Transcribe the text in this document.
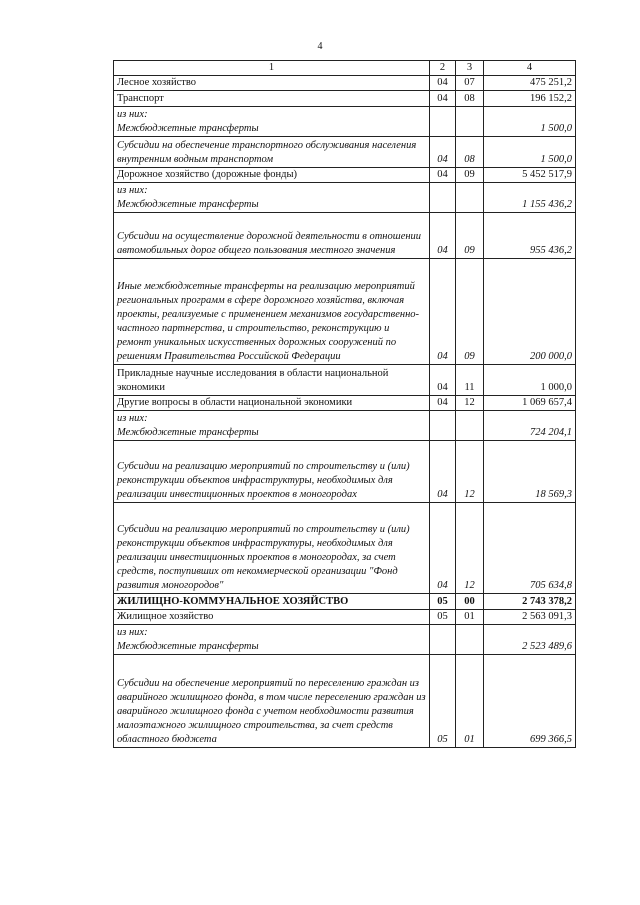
4
1	2	3	4
Лесное хозяйство	04	07	475 251,2
Транспорт	04	08	196 152,2
из них:
Межбюджетные трансферты			1 500,0
Субсидии на обеспечение транспортного обслуживания населения внутренним водным транспортом	04	08	1 500,0
Дорожное хозяйство (дорожные фонды)	04	09	5 452 517,9
из них:
Межбюджетные трансферты			1 155 436,2
Субсидии на осуществление дорожной деятельности в отношении автомобильных дорог общего пользования местного значения	04	09	955 436,2
Иные межбюджетные трансферты на реализацию мероприятий региональных программ в сфере дорожного хозяйства, включая проекты, реализуемые с применением механизмов государственно-частного партнерства, и строительство, реконструкцию и ремонт уникальных искусственных дорожных сооружений по решениям Правительства Российской Федерации	04	09	200 000,0
Прикладные научные исследования в области национальной экономики	04	11	1 000,0
Другие вопросы в области национальной экономики	04	12	1 069 657,4
из них:
Межбюджетные трансферты			724 204,1
Субсидии на реализацию мероприятий по строительству и (или) реконструкции объектов инфраструктуры, необходимых для реализации инвестиционных проектов в моногородах	04	12	18 569,3
Субсидии на реализацию мероприятий по строительству и (или) реконструкции объектов инфраструктуры, необходимых для реализации инвестиционных проектов в моногородах, за счет средств, поступивших от некоммерческой организации "Фонд развития моногородов"	04	12	705 634,8
ЖИЛИЩНО-КОММУНАЛЬНОЕ ХОЗЯЙСТВО	05	00	2 743 378,2
Жилищное хозяйство	05	01	2 563 091,3
из них:
Межбюджетные трансферты			2 523 489,6
Субсидии на обеспечение мероприятий по переселению граждан из аварийного жилищного фонда, в том числе переселению граждан из аварийного жилищного фонда с учетом необходимости развития малоэтажного жилищного строительства, за счет средств областного бюджета	05	01	699 366,5
